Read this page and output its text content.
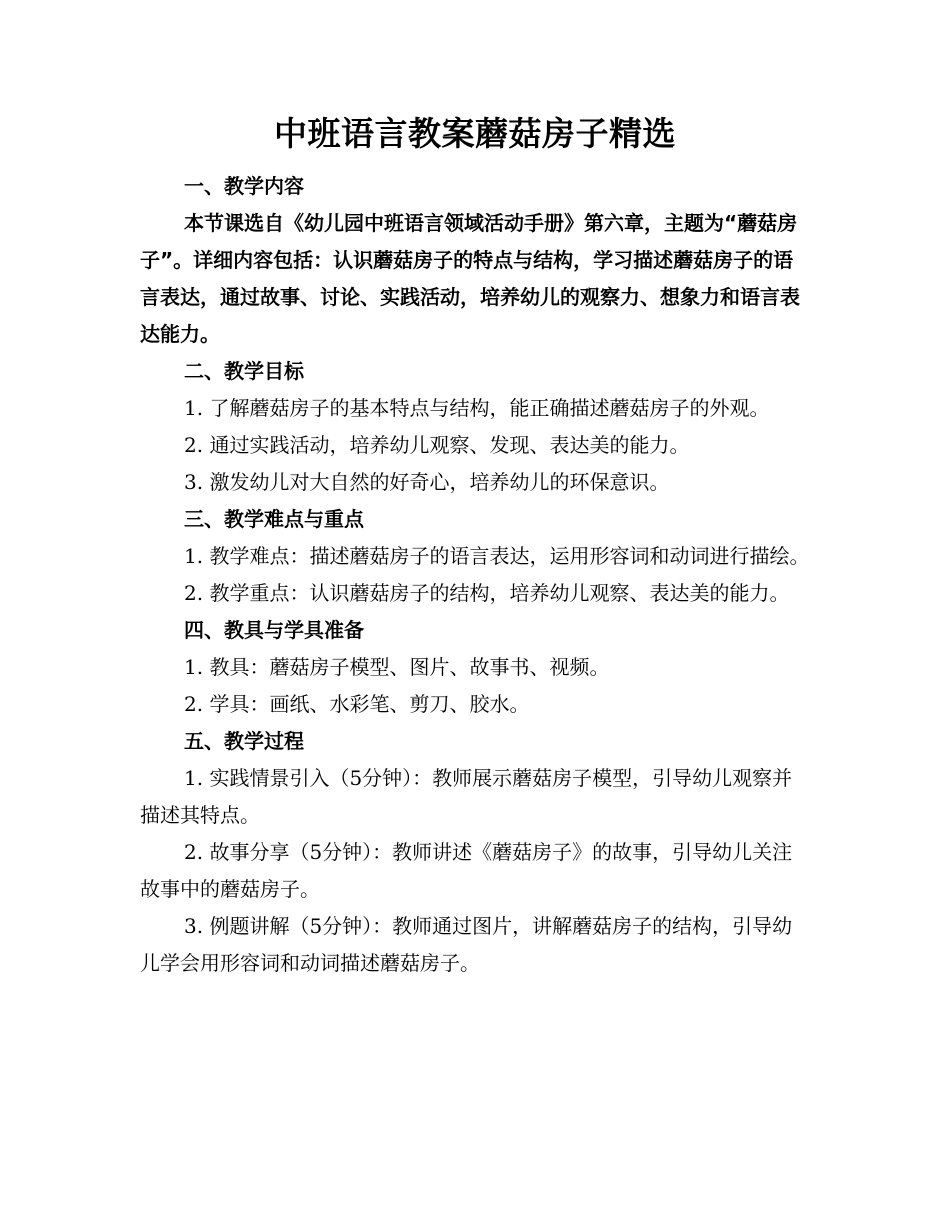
中班语言教案蘑菇房子精选

一、教学内容

本节课选自《幼儿园中班语言领域活动手册》第六章，主题为“蘑菇房子”。详细内容包括：认识蘑菇房子的特点与结构，学习描述蘑菇房子的语言表达，通过故事、讨论、实践活动，培养幼儿的观察力、想象力和语言表达能力。

二、教学目标

1. 了解蘑菇房子的基本特点与结构，能正确描述蘑菇房子的外观。

2. 通过实践活动，培养幼儿观察、发现、表达美的能力。

3. 激发幼儿对大自然的好奇心，培养幼儿的环保意识。

三、教学难点与重点

1. 教学难点：描述蘑菇房子的语言表达，运用形容词和动词进行描绘。

2. 教学重点：认识蘑菇房子的结构，培养幼儿观察、表达美的能力。

四、教具与学具准备

1. 教具：蘑菇房子模型、图片、故事书、视频。

2. 学具：画纸、水彩笔、剪刀、胶水。

五、教学过程

1. 实践情景引入（5分钟）：教师展示蘑菇房子模型，引导幼儿观察并描述其特点。

2. 故事分享（5分钟）：教师讲述《蘑菇房子》的故事，引导幼儿关注故事中的蘑菇房子。

3. 例题讲解（5分钟）：教师通过图片，讲解蘑菇房子的结构，引导幼儿学会用形容词和动词描述蘑菇房子。
